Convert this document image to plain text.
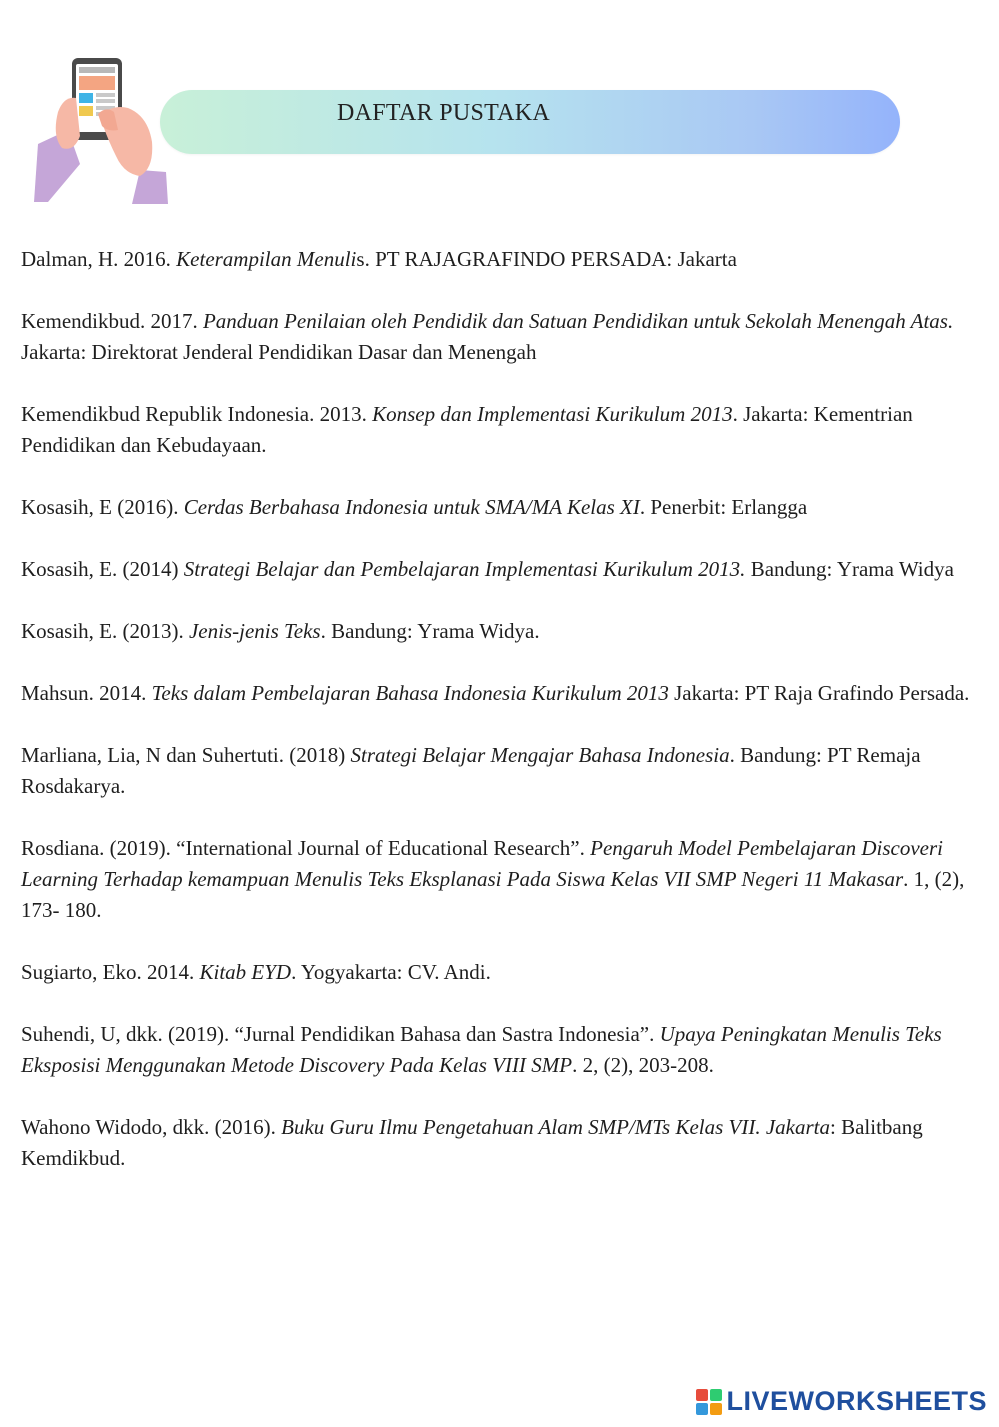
DAFTAR PUSTAKA

Dalman, H. 2016. Keterampilan Menulis. PT RAJAGRAFINDO PERSADA: Jakarta

Kemendikbud. 2017. Panduan Penilaian oleh Pendidik dan Satuan Pendidikan untuk Sekolah Menengah Atas. Jakarta: Direktorat Jenderal Pendidikan Dasar dan Menengah

Kemendikbud Republik Indonesia. 2013. Konsep dan Implementasi Kurikulum 2013. Jakarta: Kementrian Pendidikan dan Kebudayaan.

Kosasih, E (2016). Cerdas Berbahasa Indonesia untuk SMA/MA Kelas XI. Penerbit: Erlangga

Kosasih, E. (2014) Strategi Belajar dan Pembelajaran Implementasi Kurikulum 2013. Bandung: Yrama Widya

Kosasih, E. (2013). Jenis-jenis Teks. Bandung: Yrama Widya.

Mahsun. 2014. Teks dalam Pembelajaran Bahasa Indonesia Kurikulum 2013 Jakarta: PT Raja Grafindo Persada.

Marliana, Lia, N dan Suhertuti. (2018) Strategi Belajar Mengajar Bahasa Indonesia. Bandung: PT Remaja Rosdakarya.

Rosdiana. (2019). “International Journal of Educational Research”. Pengaruh Model Pembelajaran Discoveri Learning Terhadap kemampuan Menulis Teks Eksplanasi Pada Siswa Kelas VII SMP Negeri 11 Makasar. 1, (2), 173- 180.

Sugiarto, Eko. 2014. Kitab EYD. Yogyakarta: CV. Andi.

Suhendi, U, dkk. (2019). “Jurnal Pendidikan Bahasa dan Sastra Indonesia”. Upaya Peningkatan Menulis Teks Eksposisi Menggunakan Metode Discovery Pada Kelas VIII SMP. 2, (2), 203-208.

Wahono Widodo, dkk. (2016). Buku Guru Ilmu Pengetahuan Alam SMP/MTs Kelas VII. Jakarta: Balitbang Kemdikbud.

LIVEWORKSHEETS
